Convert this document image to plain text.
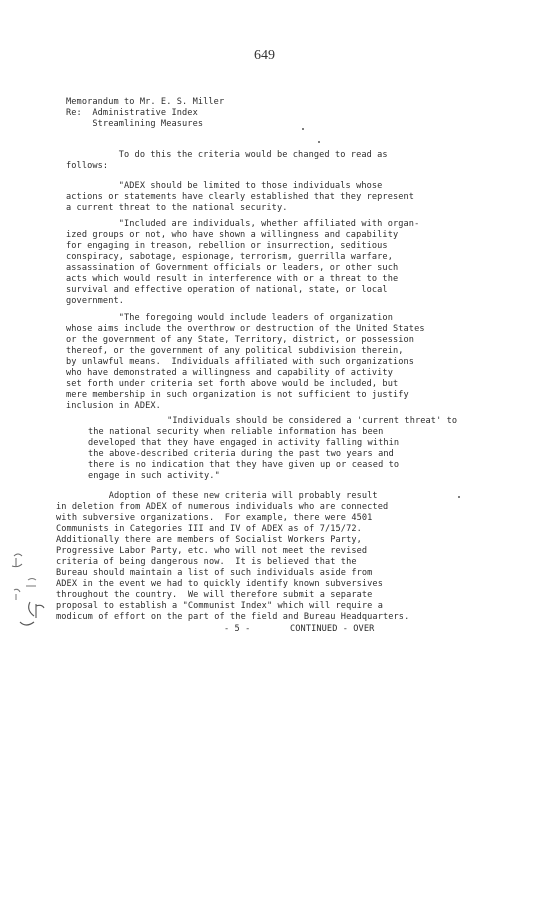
649
Memorandum to Mr. E. S. Miller
Re:  Administrative Index
Streamlining Measures
To do this the criteria would be changed to read as
follows:
"ADEX should be limited to those individuals whose
actions or statements have clearly established that they represent
a current threat to the national security.
"Included are individuals, whether affiliated with organ-
ized groups or not, who have shown a willingness and capability
for engaging in treason, rebellion or insurrection, seditious
conspiracy, sabotage, espionage, terrorism, guerrilla warfare,
assassination of Government officials or leaders, or other such
acts which would result in interference with or a threat to the
survival and effective operation of national, state, or local
government.
"The foregoing would include leaders of organization
whose aims include the overthrow or destruction of the United States
or the government of any State, Territory, district, or possession
thereof, or the government of any political subdivision therein,
by unlawful means.  Individuals affiliated with such organizations
who have demonstrated a willingness and capability of activity
set forth under criteria set forth above would be included, but
mere membership in such organization is not sufficient to justify
inclusion in ADEX.
"Individuals should be considered a 'current threat' to
the national security when reliable information has been
developed that they have engaged in activity falling within
the above-described criteria during the past two years and
there is no indication that they have given up or ceased to
engage in such activity."
Adoption of these new criteria will probably result
in deletion from ADEX of numerous individuals who are connected
with subversive organizations.  For example, there were 4501
Communists in Categories III and IV of ADEX as of 7/15/72.
Additionally there are members of Socialist Workers Party,
Progressive Labor Party, etc. who will not meet the revised
criteria of being dangerous now.  It is believed that the
Bureau should maintain a list of such individuals aside from
ADEX in the event we had to quickly identify known subversives
throughout the country.  We will therefore submit a separate
proposal to establish a "Communist Index" which will require a
modicum of effort on the part of the field and Bureau Headquarters.
- 5 -	CONTINUED - OVER
